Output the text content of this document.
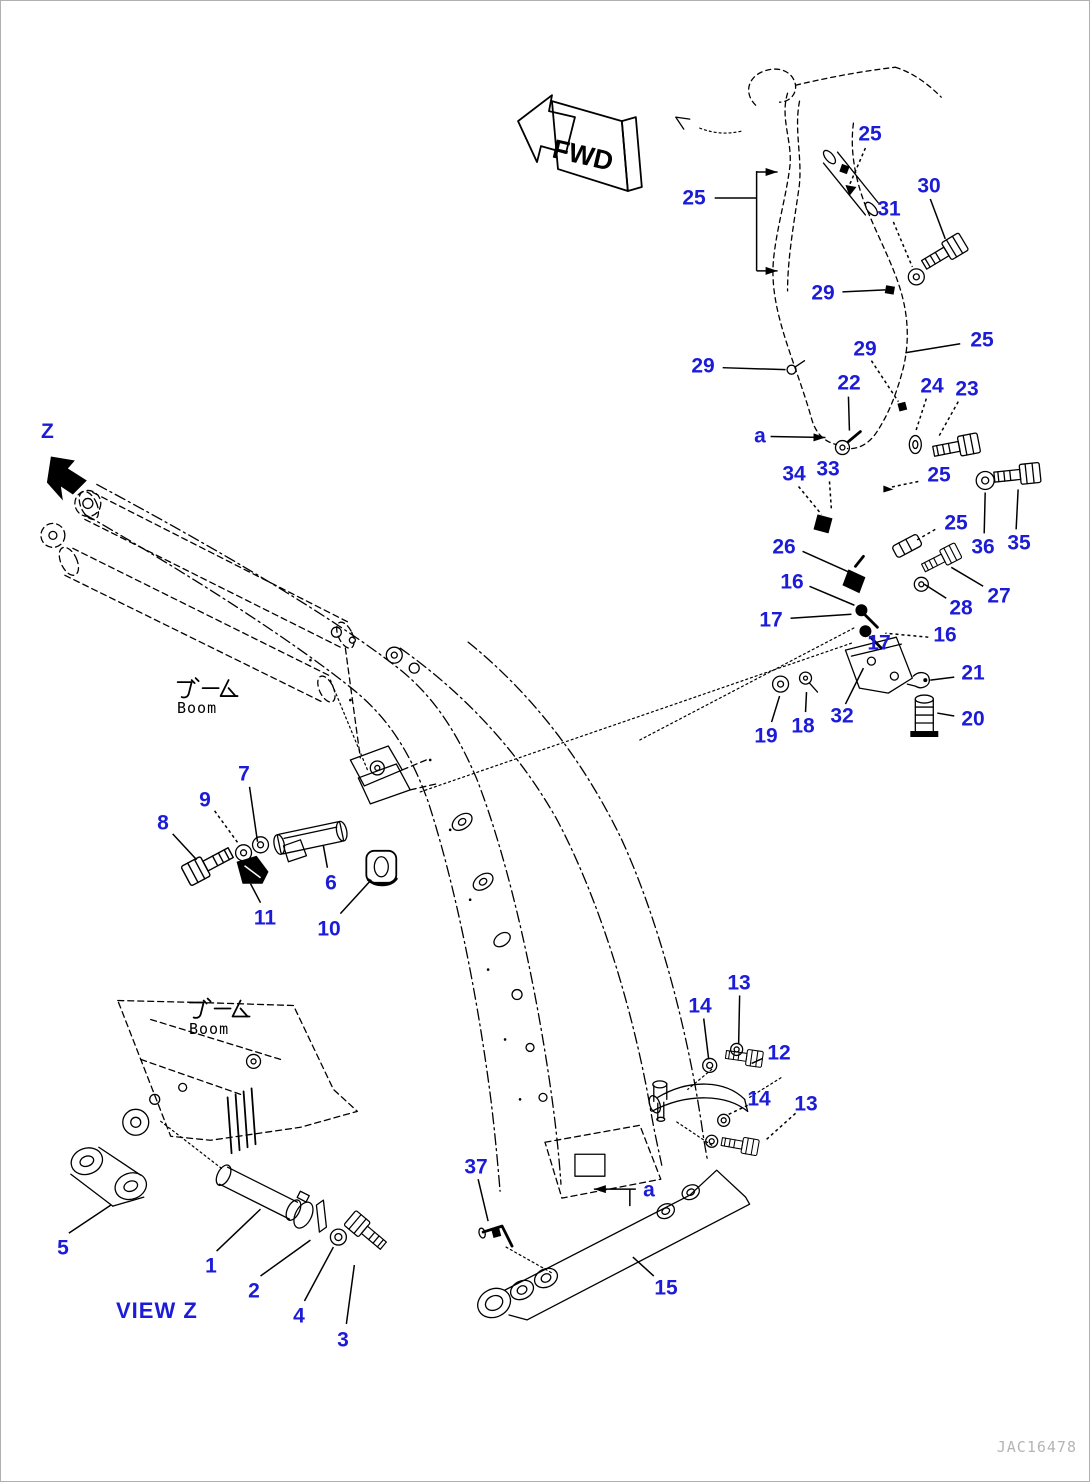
FWD
25
25
30
31
29
25
29
29
22	24 23
a
34 33	25
25
36 35
26
16
27
28
17
16
17
21
20
32
18
19
7
9
8
6
11 10
13
14
12
14 13
37
a
15
5
1
2
4
3
Z
Boom
Boom
VIEW Z
JAC16478
